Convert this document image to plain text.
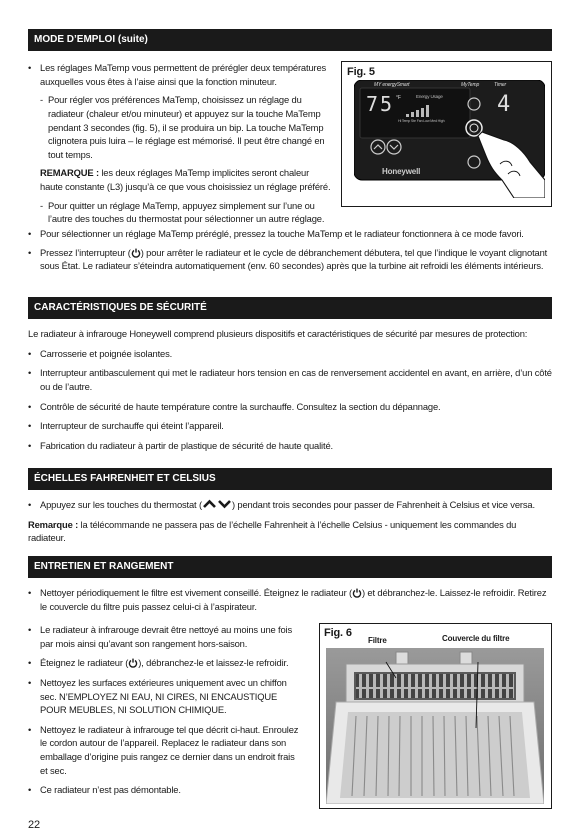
MODE D’EMPLOI (suite)
• Les réglages MaTemp vous permettent de prérégler deux températures auxquelles vous êtes à l’aise ainsi que la fonction minuteur.
- Pour régler vos préférences MaTemp, choisissez un réglage du radiateur (chaleur et/ou minuteur) et appuyez sur la touche MaTemp pendant 3 secondes (fig. 5), il se produira un bip. La touche MaTemp clignotera puis luira – le réglage est mémorisé. Il peut être changé en tout temps.
REMARQUE : les deux réglages MaTemp implicites seront chaleur haute constante (L3) jusqu’à ce que vous choisissiez un réglage préféré.
- Pour quitter un réglage MaTemp, appuyez simplement sur l’une ou l’autre des touches du thermostat pour sélectionner un autre réglage.
• Pour sélectionner un réglage MaTemp préréglé, pressez la touche MaTemp et le radiateur fonctionnera à ce mode favori.
• Pressez l’interrupteur ( ) pour arrêter le radiateur et le cycle de débranchement débutera, tel que l’indique le voyant clignotant sous État. Le radiateur s’éteindra automatiquement (env. 60 secondes) après que la turbine ait refroidi les éléments intérieurs.
Fig. 5
MY energySmart	MyTemp	Timer
75 °F	Energy Usage
Hi Temp Ste Fan Low Med High
4
Honeywell
CARACTÉRISTIQUES DE SÉCURITÉ
Le radiateur à infrarouge Honeywell comprend plusieurs dispositifs et caractéristiques de sécurité par mesures de protection:
• Carrosserie et poignée isolantes.
• Interrupteur antibasculement qui met le radiateur hors tension en cas de renversement accidentel en avant, en arrière, d’un côté ou de l’autre.
• Contrôle de sécurité de haute température contre la surchauffe. Consultez la section du dépannage.
• Interrupteur de surchauffe qui éteint l’appareil.
• Fabrication du radiateur à partir de plastique de sécurité de haute qualité.
ÉCHELLES FAHRENHEIT ET CELSIUS
• Appuyez sur les touches du thermostat (	) pendant trois secondes pour passer de Fahrenheit à Celsius et vice versa.
Remarque : la télécommande ne passera pas de l’échelle Fahrenheit à l’échelle Celsius - uniquement les commandes du radiateur.
ENTRETIEN ET RANGEMENT
• Nettoyer périodiquement le filtre est vivement conseillé. Éteignez le radiateur ( ) et débranchez-le. Laissez-le refroidir. Retirez le couvercle du filtre puis passez celui-ci à l’aspirateur.
• Le radiateur à infrarouge devrait être nettoyé au moins une fois par mois ainsi qu’avant son rangement hors-saison.
• Éteignez le radiateur ( ), débranchez-le et laissez-le refroidir.
• Nettoyez les surfaces extérieures uniquement avec un chiffon sec. N’EMPLOYEZ NI EAU, NI CIRES, NI ENCAUSTIQUE POUR MEUBLES, NI SOLUTION CHIMIQUE.
• Nettoyez le radiateur à infrarouge tel que décrit ci-haut. Enroulez le cordon autour de l’appareil. Replacez le radiateur dans son emballage d’origine puis rangez ce dernier dans un endroit frais et sec.
• Ce radiateur n’est pas démontable.
Fig. 6
Filtre	Couvercle du filtre
22
